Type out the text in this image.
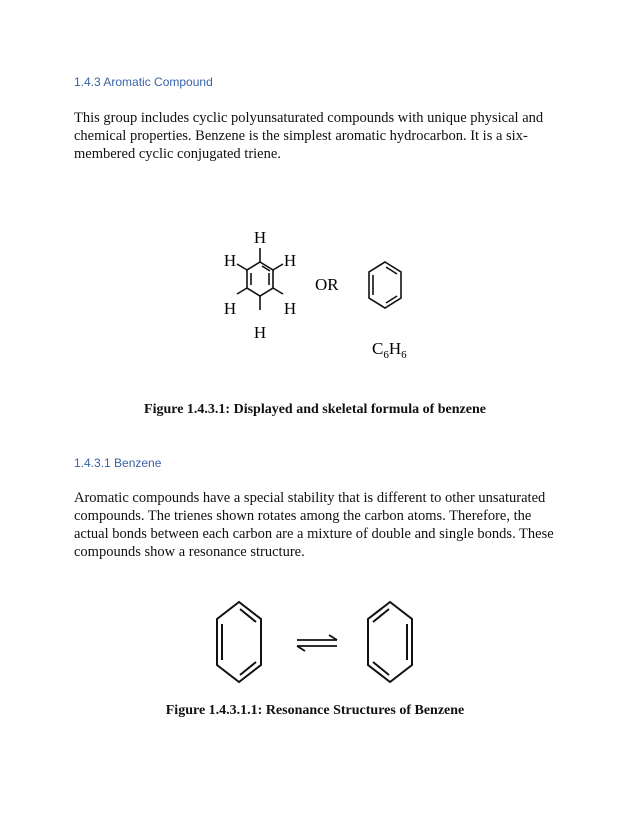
1.4.3 Aromatic Compound

This group includes cyclic polyunsaturated compounds with unique physical and chemical properties. Benzene is the simplest aromatic hydrocarbon. It is a six-membered cyclic conjugated triene.

H
H
H
H
H
H
OR
$C_6H_6$

Figure 1.4.3.1: Displayed and skeletal formula of benzene

1.4.3.1 Benzene

Aromatic compounds have a special stability that is different to other unsaturated compounds. The trienes shown rotates among the carbon atoms. Therefore, the actual bonds between each carbon are a mixture of double and single bonds. These compounds show a resonance structure.

Figure 1.4.3.1.1: Resonance Structures of Benzene
